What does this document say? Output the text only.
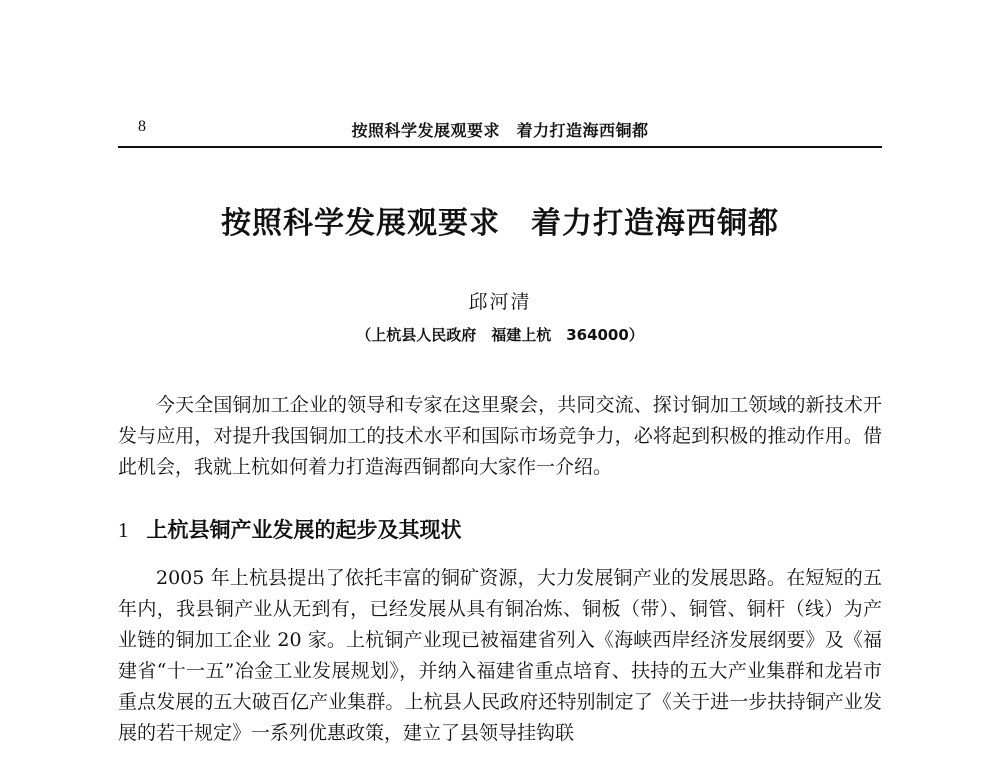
8	按照科学发展观要求　着力打造海西铜都
按照科学发展观要求　着力打造海西铜都
邱河清
（上杭县人民政府　福建上杭　364000）

今天全国铜加工企业的领导和专家在这里聚会，共同交流、探讨铜加工领域的新技术开发与应用，对提升我国铜加工的技术水平和国际市场竞争力，必将起到积极的推动作用。借此机会，我就上杭如何着力打造海西铜都向大家作一介绍。

1 上杭县铜产业发展的起步及其现状

2005 年上杭县提出了依托丰富的铜矿资源，大力发展铜产业的发展思路。在短短的五年内，我县铜产业从无到有，已经发展从具有铜冶炼、铜板（带）、铜管、铜杆（线）为产业链的铜加工企业 20 家。上杭铜产业现已被福建省列入《海峡西岸经济发展纲要》及《福建省“十一五”冶金工业发展规划》，并纳入福建省重点培育、扶持的五大产业集群和龙岩市重点发展的五大破百亿产业集群。上杭县人民政府还特别制定了《关于进一步扶持铜产业发展的若干规定》一系列优惠政策，建立了县领导挂钩联
